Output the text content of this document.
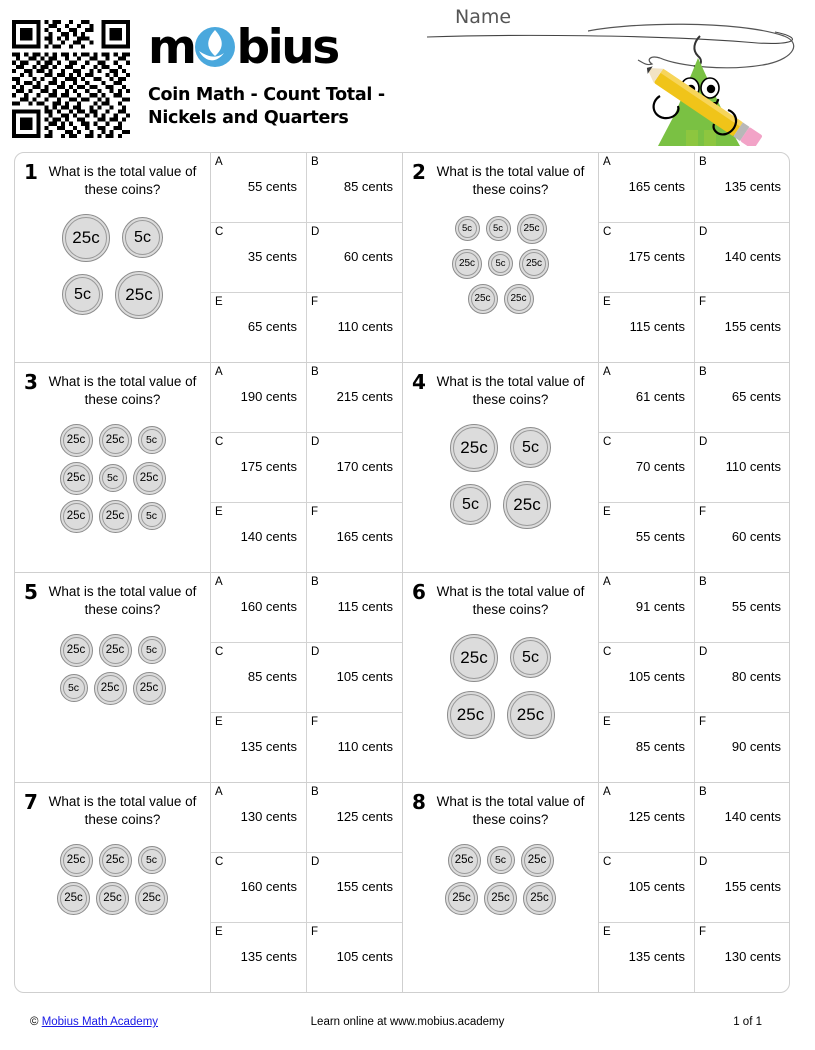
m bius
Coin Math - Count Total - Nickels and Quarters
Name
1 What is the total value of these coins?
25c 5c
5c 25c
A
55 cents
B
85 cents
C
35 cents
D
60 cents
E
65 cents
F
110 cents
2 What is the total value of these coins?
5c 5c 25c
25c 5c 25c
25c 25c
A
165 cents
B
135 cents
C
175 cents
D
140 cents
E
115 cents
F
155 cents
3 What is the total value of these coins?
25c 25c 5c
25c 5c 25c
25c 25c 5c
A
190 cents
B
215 cents
C
175 cents
D
170 cents
E
140 cents
F
165 cents
4 What is the total value of these coins?
25c 5c
5c 25c
A
61 cents
B
65 cents
C
70 cents
D
110 cents
E
55 cents
F
60 cents
5 What is the total value of these coins?
25c 25c 5c
5c 25c 25c
A
160 cents
B
115 cents
C
85 cents
D
105 cents
E
135 cents
F
110 cents
6 What is the total value of these coins?
25c 5c
25c 25c
A
91 cents
B
55 cents
C
105 cents
D
80 cents
E
85 cents
F
90 cents
7 What is the total value of these coins?
25c 25c 5c
25c 25c 25c
A
130 cents
B
125 cents
C
160 cents
D
155 cents
E
135 cents
F
105 cents
8 What is the total value of these coins?
25c 5c 25c
25c 25c 25c
A
125 cents
B
140 cents
C
105 cents
D
155 cents
E
135 cents
F
130 cents
© Mobius Math Academy	Learn online at www.mobius.academy	1 of 1
